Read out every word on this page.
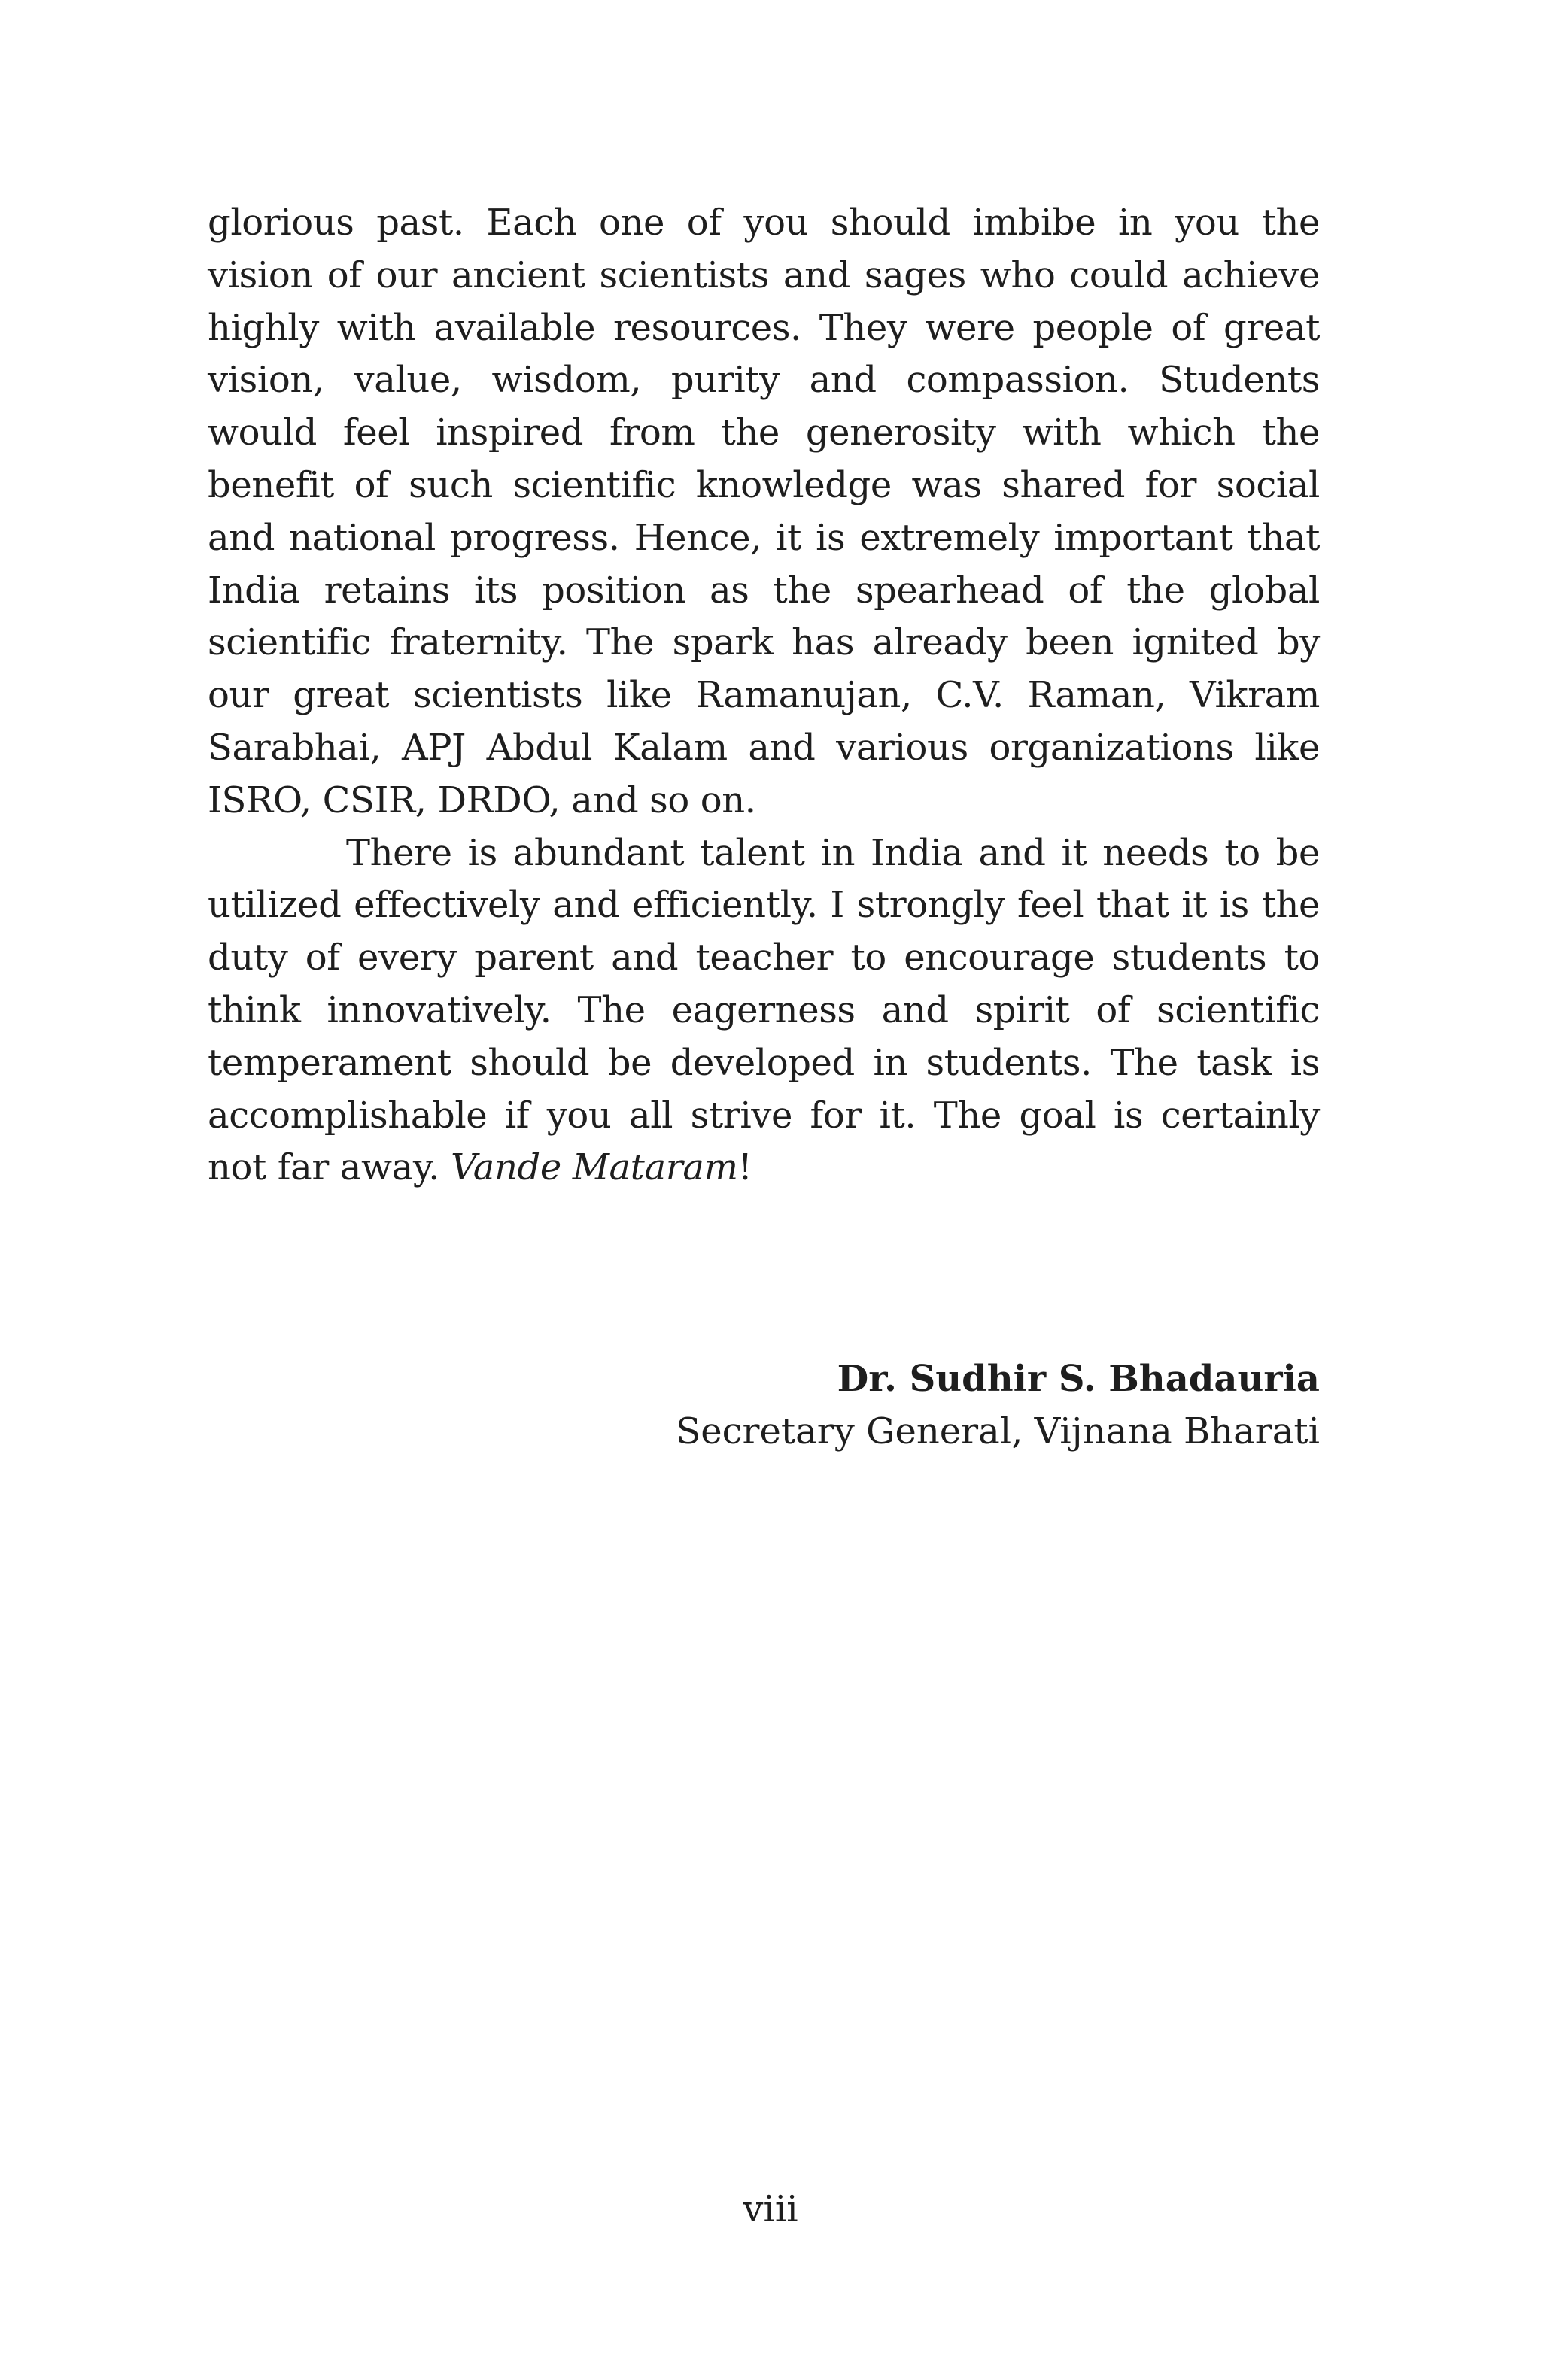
glorious past. Each one of you should imbibe in you the vision of our ancient scientists and sages who could achieve highly with available resources. They were people of great vision, value, wisdom, purity and compassion. Students would feel inspired from the generosity with which the benefit of such scientific knowledge was shared for social and national progress. Hence, it is extremely important that India retains its position as the spearhead of the global scientific fraternity. The spark has already been ignited by our great scientists like Ramanujan, C.V. Raman, Vikram Sarabhai, APJ Abdul Kalam and various organizations like ISRO, CSIR, DRDO, and so on.

There is abundant talent in India and it needs to be utilized effectively and efficiently. I strongly feel that it is the duty of every parent and teacher to encourage students to think innovatively. The eagerness and spirit of scientific temperament should be developed in students. The task is accomplishable if you all strive for it. The goal is certainly not far away. Vande Mataram!

Dr. Sudhir S. Bhadauria
Secretary General, Vijnana Bharati
viii
